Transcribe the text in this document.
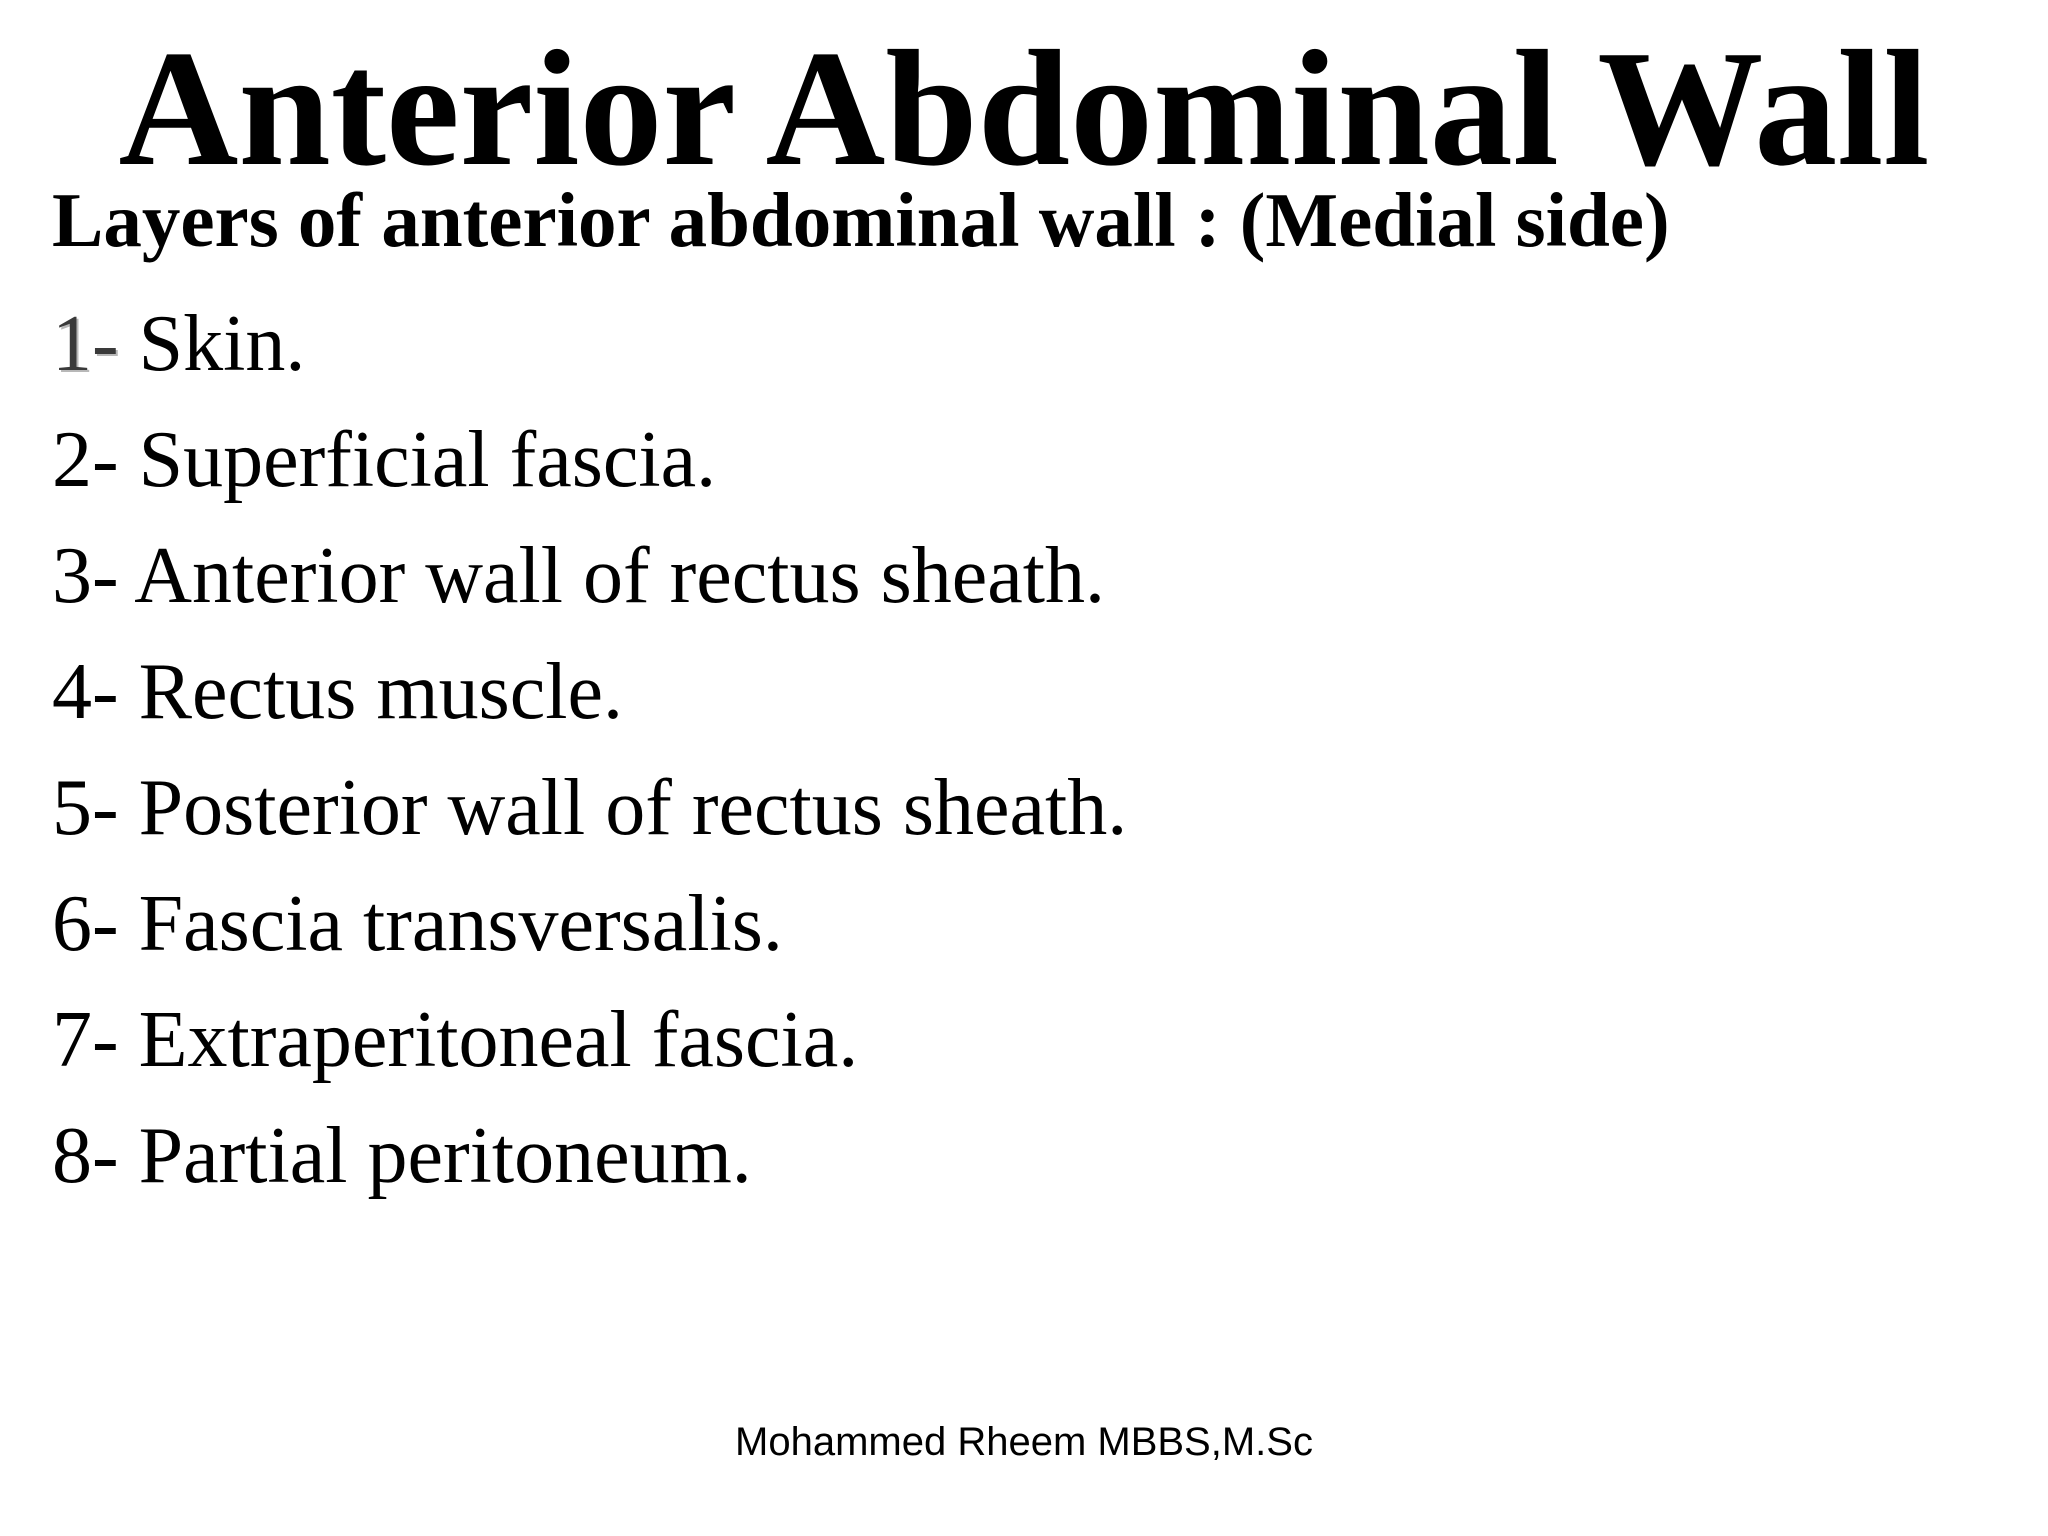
Anterior Abdominal Wall
Layers of anterior abdominal wall : (Medial side)
1- Skin.
2- Superficial fascia.
3- Anterior wall of rectus sheath.
4- Rectus muscle.
5- Posterior wall of rectus sheath.
6- Fascia transversalis.
7- Extraperitoneal fascia.
8- Partial peritoneum.
Mohammed Rheem MBBS,M.Sc
